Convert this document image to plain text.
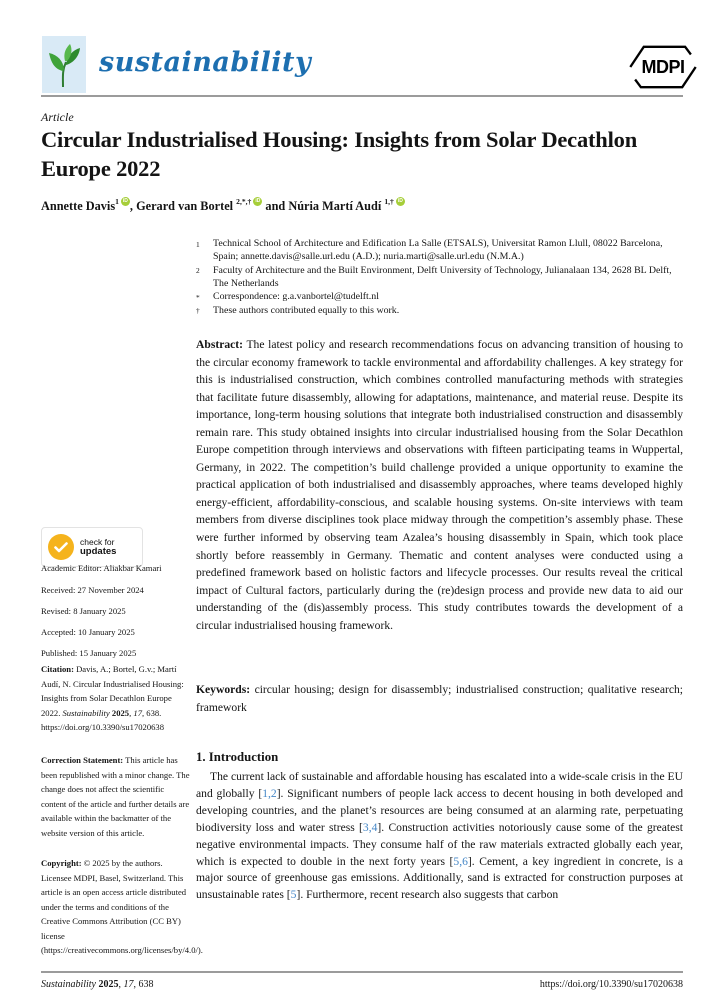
sustainability	MDPI
Article
Circular Industrialised Housing: Insights from Solar Decathlon Europe 2022
Annette Davis$^1$ iD , Gerard van Bortel $^{2,*,\dagger}$iD and Núria Martí Audí $^{1,\dagger}$iD
1	Technical School of Architecture and Edification La Salle (ETSALS), Universitat Ramon Llull, 08022 Barcelona, Spain; annette.davis@salle.url.edu (A.D.); nuria.marti@salle.url.edu (N.M.A.)
2	Faculty of Architecture and the Built Environment, Delft University of Technology, Julianalaan 134, 2628 BL Delft, The Netherlands
*	Correspondence: g.a.vanbortel@tudelft.nl
†	These authors contributed equally to this work.
Abstract: The latest policy and research recommendations focus on advancing transition of housing to the circular economy framework to tackle environmental and affordability challenges. A key strategy for this is industrialised construction, which combines controlled manufacturing methods with strategies that facilitate future disassembly, allowing for adaptations, maintenance, and material reuse. Despite its importance, long-term housing solutions that integrate both industrialised construction and disassembly remain rare. This study obtained insights into circular industrialised housing from the Solar Decathlon Europe competition through interviews and observations with fifteen participating teams in Wuppertal, Germany, in 2022. The competition’s build challenge provided a unique opportunity to examine the practical application of both industrialised and disassembly approaches, where teams developed highly energy-efficient, affordability-conscious, and scalable housing systems. On-site interviews with team members from diverse disciplines took place midway through the competition’s assembly phase. These were further informed by observing team Azalea’s housing disassembly in Spain, which took place shortly before reassembly in Germany. Thematic and content analyses were conducted using a predefined framework based on holistic factors and lifecycle processes. Our results reveal the critical impact of Cultural factors, particularly during the (re)design process and provide new data to aid our understanding of the (dis)assembly process. This study contributes towards the development of a circular industrialised housing framework.
Keywords: circular housing; design for disassembly; industrialised construction; qualitative research; framework
check for
updates
Academic Editor: Aliakbar Kamari
Received: 27 November 2024
Revised: 8 January 2025
Accepted: 10 January 2025
Published: 15 January 2025
Citation: Davis, A.; Bortel, G.v.; Martí Audí, N. Circular Industrialised Housing: Insights from Solar Decathlon Europe 2022. Sustainability 2025, 17, 638. https://doi.org/10.3390/su17020638
Correction Statement: This article has been republished with a minor change. The change does not affect the scientific content of the article and further details are available within the backmatter of the website version of this article.
Copyright: © 2025 by the authors. Licensee MDPI, Basel, Switzerland. This article is an open access article distributed under the terms and conditions of the Creative Commons Attribution (CC BY) license (https://creativecommons.org/licenses/by/4.0/).
1. Introduction
The current lack of sustainable and affordable housing has escalated into a wide-scale crisis in the EU and globally [1,2]. Significant numbers of people lack access to decent housing in both developed and developing countries, and the planet’s resources are being consumed at an alarming rate, perpetuating biodiversity loss and water stress [3,4]. Construction activities notoriously cause some of the greatest negative environmental impacts. They consume half of the raw materials extracted globally each year, which is expected to double in the next forty years [5,6]. Cement, a key ingredient in concrete, is a major source of greenhouse gas emissions. Additionally, sand is extracted for construction purposes at unsustainable rates [5]. Furthermore, recent research also suggests that carbon
Sustainability 2025, 17, 638	https://doi.org/10.3390/su17020638
